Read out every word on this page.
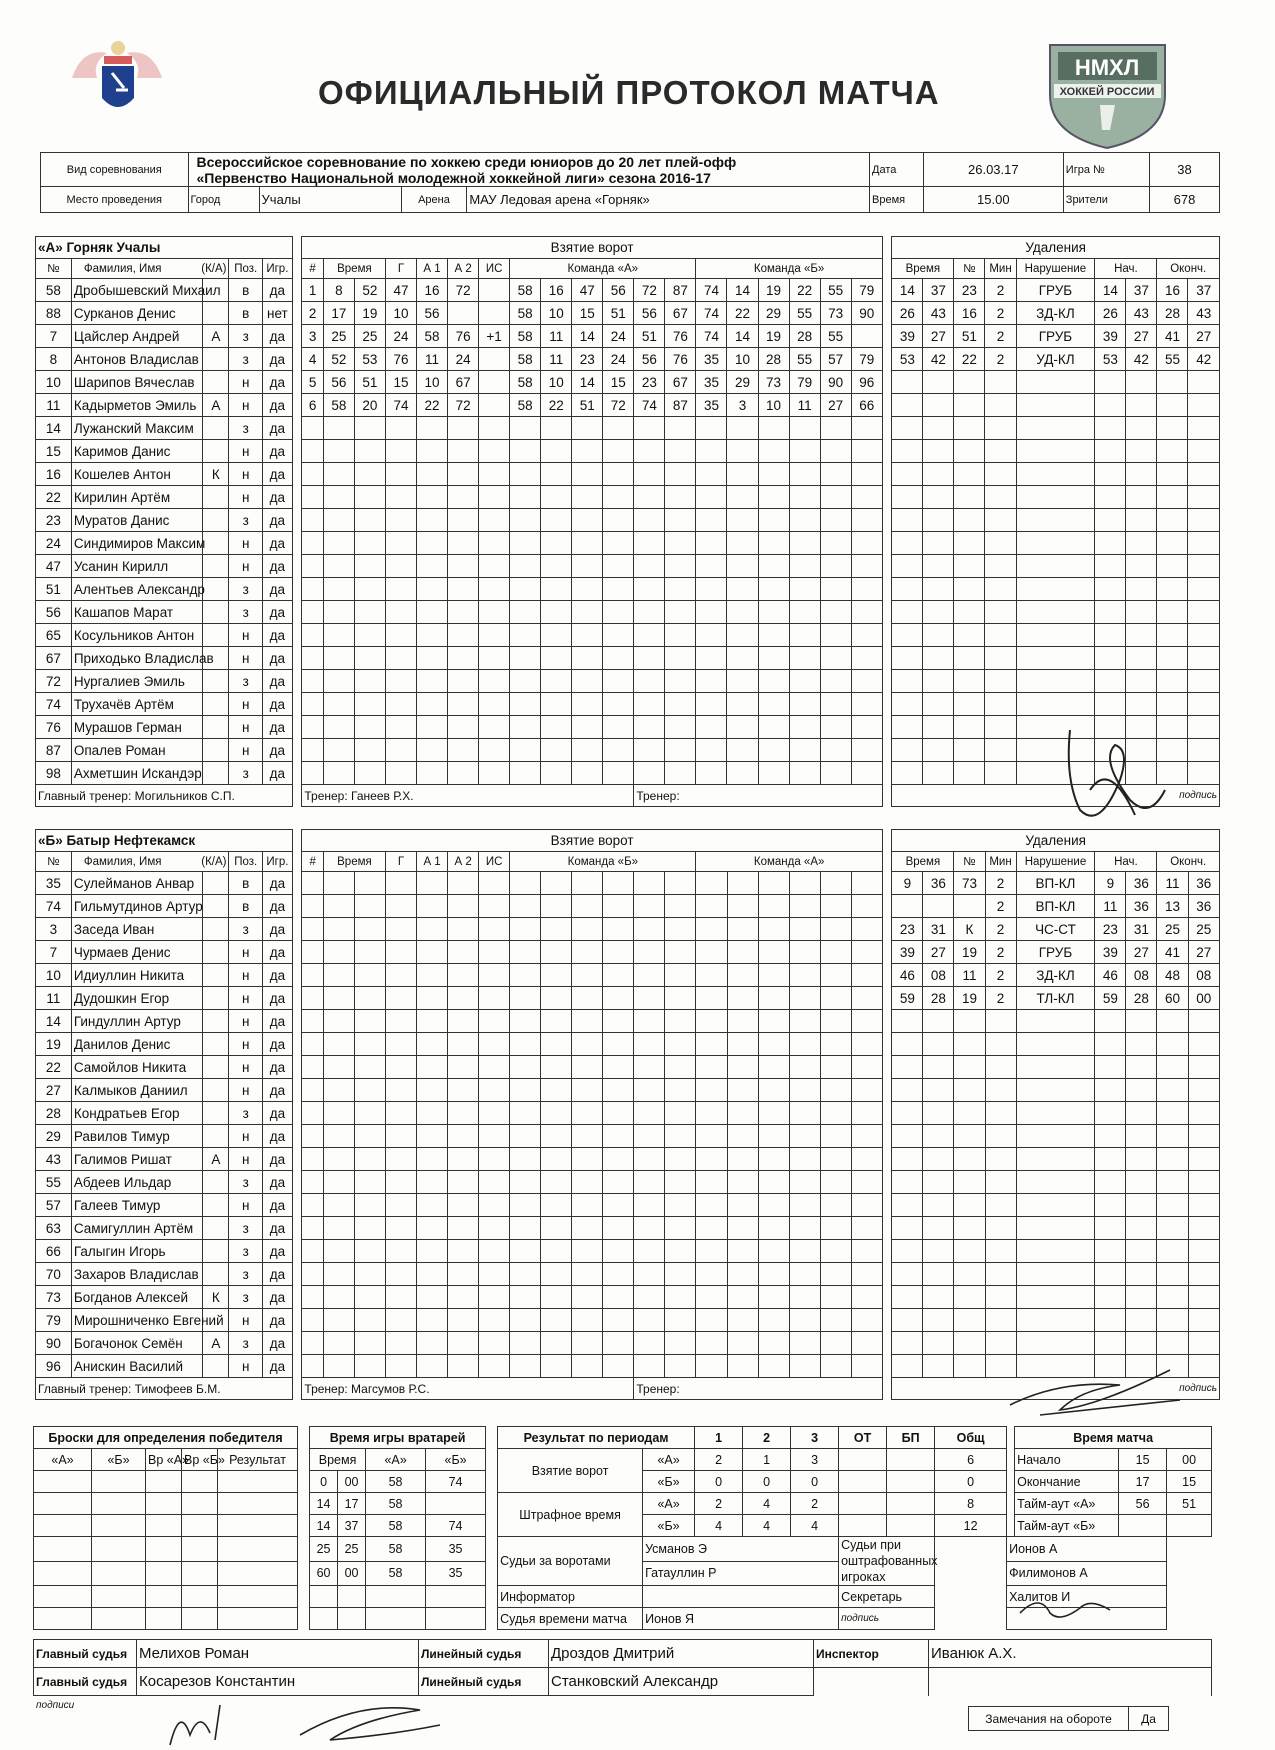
ОФИЦИАЛЬНЫЙ ПРОТОКОЛ МАТЧА
НМХЛ
ХОККЕЙ РОССИИ
Вид соревнования	Всероссийское соревнование по хоккею среди юниоров до 20 лет плей-офф
«Первенство Национальной молодежной хоккейной лиги» сезона 2016-17				Дата	26.03.17	Игра №	38
Место проведения	Город	Учалы	Арена	МАУ Ледовая арена «Горняк»	Время	15.00	Зрители	678
«А» Горняк Учалы						Взятие ворот																				Удаления								
№	Фамилия, Имя (К/А)		Поз.	Игр.		#	Время		Г	А 1	А 2	ИС	Команда «А»						Команда «Б»							Время		№	Мин	Нарушение	Нач.		Оконч.	
58	Дробышевский Михаил		в	да		1	8	52	47	16	72		58	16	47	56	72	87	74	14	19	22	55	79		14	37	23	2	ГРУБ	14	37	16	37
88	Сурканов Денис		в	нет		2	17	19	10	56			58	10	15	51	56	67	74	22	29	55	73	90		26	43	16	2	ЗД-КЛ	26	43	28	43
7	Цайслер Андрей	А	з	да		3	25	25	24	58	76	+1	58	11	14	24	51	76	74	14	19	28	55			39	27	51	2	ГРУБ	39	27	41	27
8	Антонов Владислав		з	да		4	52	53	76	11	24		58	11	23	24	56	76	35	10	28	55	57	79		53	42	22	2	УД-КЛ	53	42	55	42
10	Шарипов Вячеслав		н	да		5	56	51	15	10	67		58	10	14	15	23	67	35	29	73	79	90	96										
11	Кадырметов Эмиль	А	н	да		6	58	20	74	22	72		58	22	51	72	74	87	35	3	10	11	27	66										
14	Лужанский Максим		з	да																														
15	Каримов Данис		н	да																														
16	Кошелев Антон	К	н	да																														
22	Кирилин Артём		н	да																														
23	Муратов Данис		з	да																														
24	Синдимиров Максим		н	да																														
47	Усанин Кирилл		н	да																														
51	Алентьев Александр		з	да																														
56	Кашапов Марат		з	да																														
65	Косульников Антон		н	да																														
67	Приходько Владислав		н	да																														
72	Нургалиев Эмиль		з	да																														
74	Трухачёв Артём		н	да																														
76	Мурашов Герман		н	да																														
87	Опалев Роман		н	да																														
98	Ахметшин Искандэр		з	да																														
Главный тренер: Могильников С.П.						Тренер: Ганеев Р.Х.											Тренер:									подпись								
«Б» Батыр Нефтекамск						Взятие ворот																				Удаления								
№	Фамилия, Имя (К/А)		Поз.	Игр.		#	Время		Г	А 1	А 2	ИС	Команда «Б»						Команда «А»							Время		№	Мин	Нарушение	Нач.		Оконч.	
35	Сулейманов Анвар		в	да																						9	36	73	2	ВП-КЛ	9	36	11	36
74	Гильмутдинов Артур		в	да																									2	ВП-КЛ	11	36	13	36
3	Заседа Иван		з	да																						23	31	К	2	ЧС-СТ	23	31	25	25
7	Чурмаев Денис		н	да																						39	27	19	2	ГРУБ	39	27	41	27
10	Идиуллин Никита		н	да																						46	08	11	2	ЗД-КЛ	46	08	48	08
11	Дудошкин Егор		н	да																						59	28	19	2	ТЛ-КЛ	59	28	60	00
14	Гиндуллин Артур		н	да																														
19	Данилов Денис		н	да																														
22	Самойлов Никита		н	да																														
27	Калмыков Даниил		н	да																														
28	Кондратьев Егор		з	да																														
29	Равилов Тимур		н	да																														
43	Галимов Ришат	А	н	да																														
55	Абдеев Ильдар		з	да																														
57	Галеев Тимур		н	да																														
63	Самигуллин Артём		з	да																														
66	Галыгин Игорь		з	да																														
70	Захаров Владислав		з	да																														
73	Богданов Алексей	К	з	да																														
79	Мирошниченко Евгений		н	да																														
90	Богачонок Семён	А	з	да																														
96	Анискин Василий		н	да																														
Главный тренер: Тимофеев Б.М.						Тренер: Магсумов Р.С.											Тренер:									подпись								
Броски для определения победителя						Время игры вратарей					Результат по периодам		1	2	3	ОТ	БП	Общ		Время матча		
«А»	«Б»	Вр «А»	Вр «Б»	Результат		Время		«А»	«Б»		Взятие ворот	«А»	2	1	3			6		Начало	15	00
						0	00	58	74			«Б»	0	0	0			0		Окончание	17	15
						14	17	58			Штрафное время	«А»	2	4	2			8		Тайм-аут «А»	56	51
						14	37	58	74			«Б»	4	4	4			12		Тайм-аут «Б»		
						25	25	58	35		Судьи за воротами	Усманов Э				Судьи при оштрафованных игроках			Ионов А			
						60	00	58	35			Гатауллин Р							Филимонов А			
											Информатор					Секретарь			Халитов И			
											Судья времени матча	Ионов Я				подпись						
Главный судья	Мелихов Роман	Линейный судья	Дроздов Дмитрий	Инспектор	Иванюк А.Х.
Главный судья	Косарезов Константин	Линейный судья	Станковский Александр		
подписи
Замечания на обороте	Да
